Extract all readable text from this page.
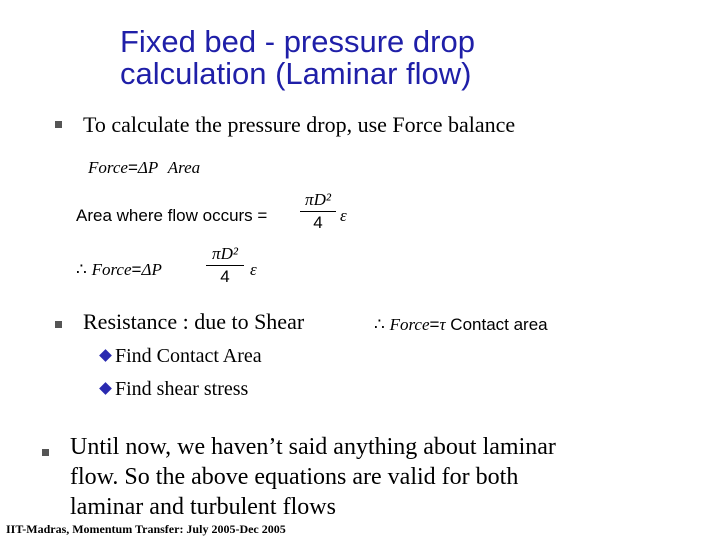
Fixed bed - pressure drop
calculation (Laminar flow)
To calculate the pressure drop, use Force balance
Force=ΔP Area
Area where flow occurs =
πD²
4	ε
∴ Force=ΔP
πD²
4	ε
Resistance : due to Shear	∴ Force=τ Contact area
Find Contact Area
Find shear stress
Until now, we haven’t said anything about laminar
flow. So the above equations are valid for both
laminar and turbulent flows
IIT-Madras, Momentum Transfer: July 2005-Dec 2005
